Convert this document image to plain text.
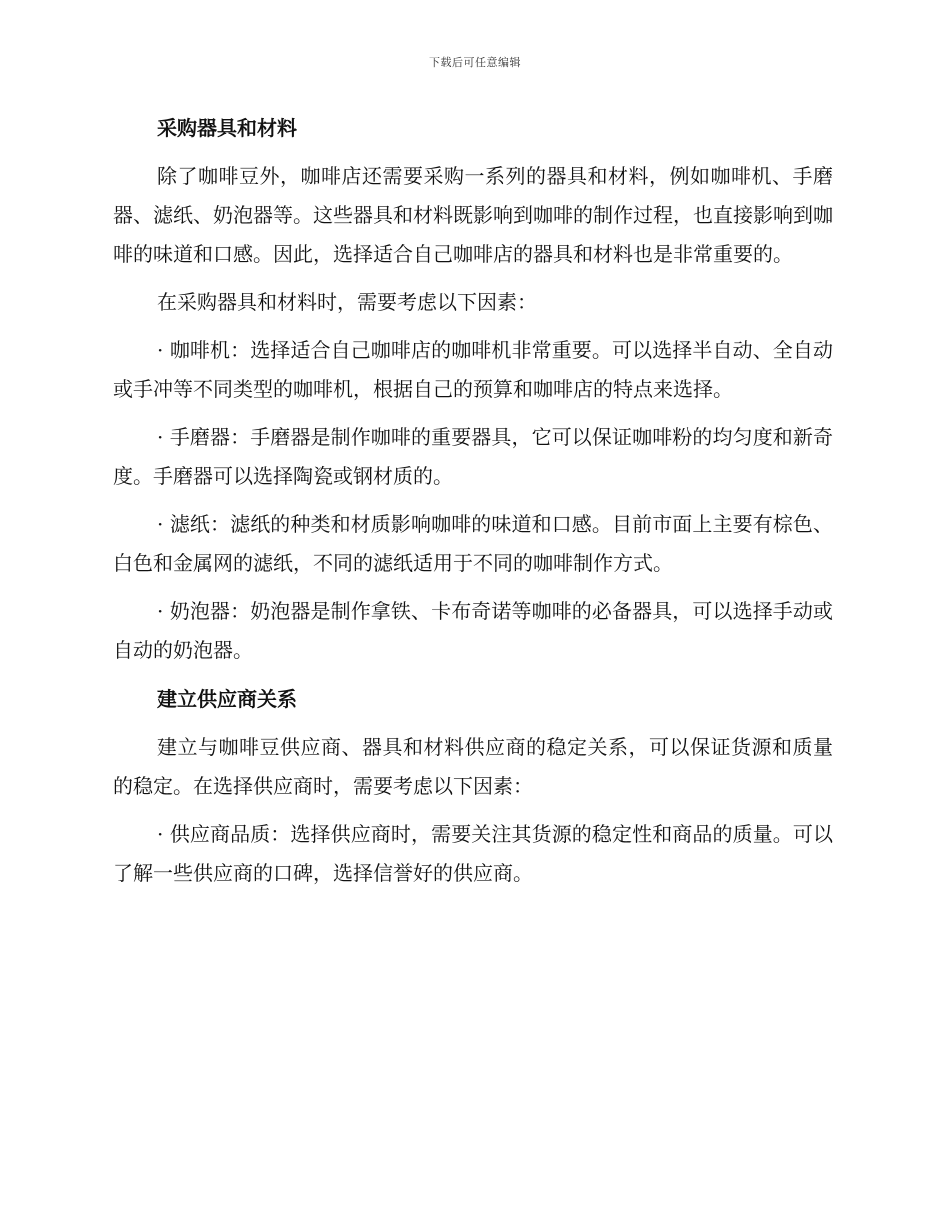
下载后可任意编辑
采购器具和材料

除了咖啡豆外，咖啡店还需要采购一系列的器具和材料，例如咖啡机、手磨器、滤纸、奶泡器等。这些器具和材料既影响到咖啡的制作过程，也直接影响到咖啡的味道和口感。因此，选择适合自己咖啡店的器具和材料也是非常重要的。

在采购器具和材料时，需要考虑以下因素：

· 咖啡机：选择适合自己咖啡店的咖啡机非常重要。可以选择半自动、全自动或手冲等不同类型的咖啡机，根据自己的预算和咖啡店的特点来选择。

· 手磨器：手磨器是制作咖啡的重要器具，它可以保证咖啡粉的均匀度和新奇度。手磨器可以选择陶瓷或钢材质的。

· 滤纸：滤纸的种类和材质影响咖啡的味道和口感。目前市面上主要有棕色、白色和金属网的滤纸，不同的滤纸适用于不同的咖啡制作方式。

· 奶泡器：奶泡器是制作拿铁、卡布奇诺等咖啡的必备器具，可以选择手动或自动的奶泡器。

建立供应商关系

建立与咖啡豆供应商、器具和材料供应商的稳定关系，可以保证货源和质量的稳定。在选择供应商时，需要考虑以下因素：

· 供应商品质：选择供应商时，需要关注其货源的稳定性和商品的质量。可以了解一些供应商的口碑，选择信誉好的供应商。
